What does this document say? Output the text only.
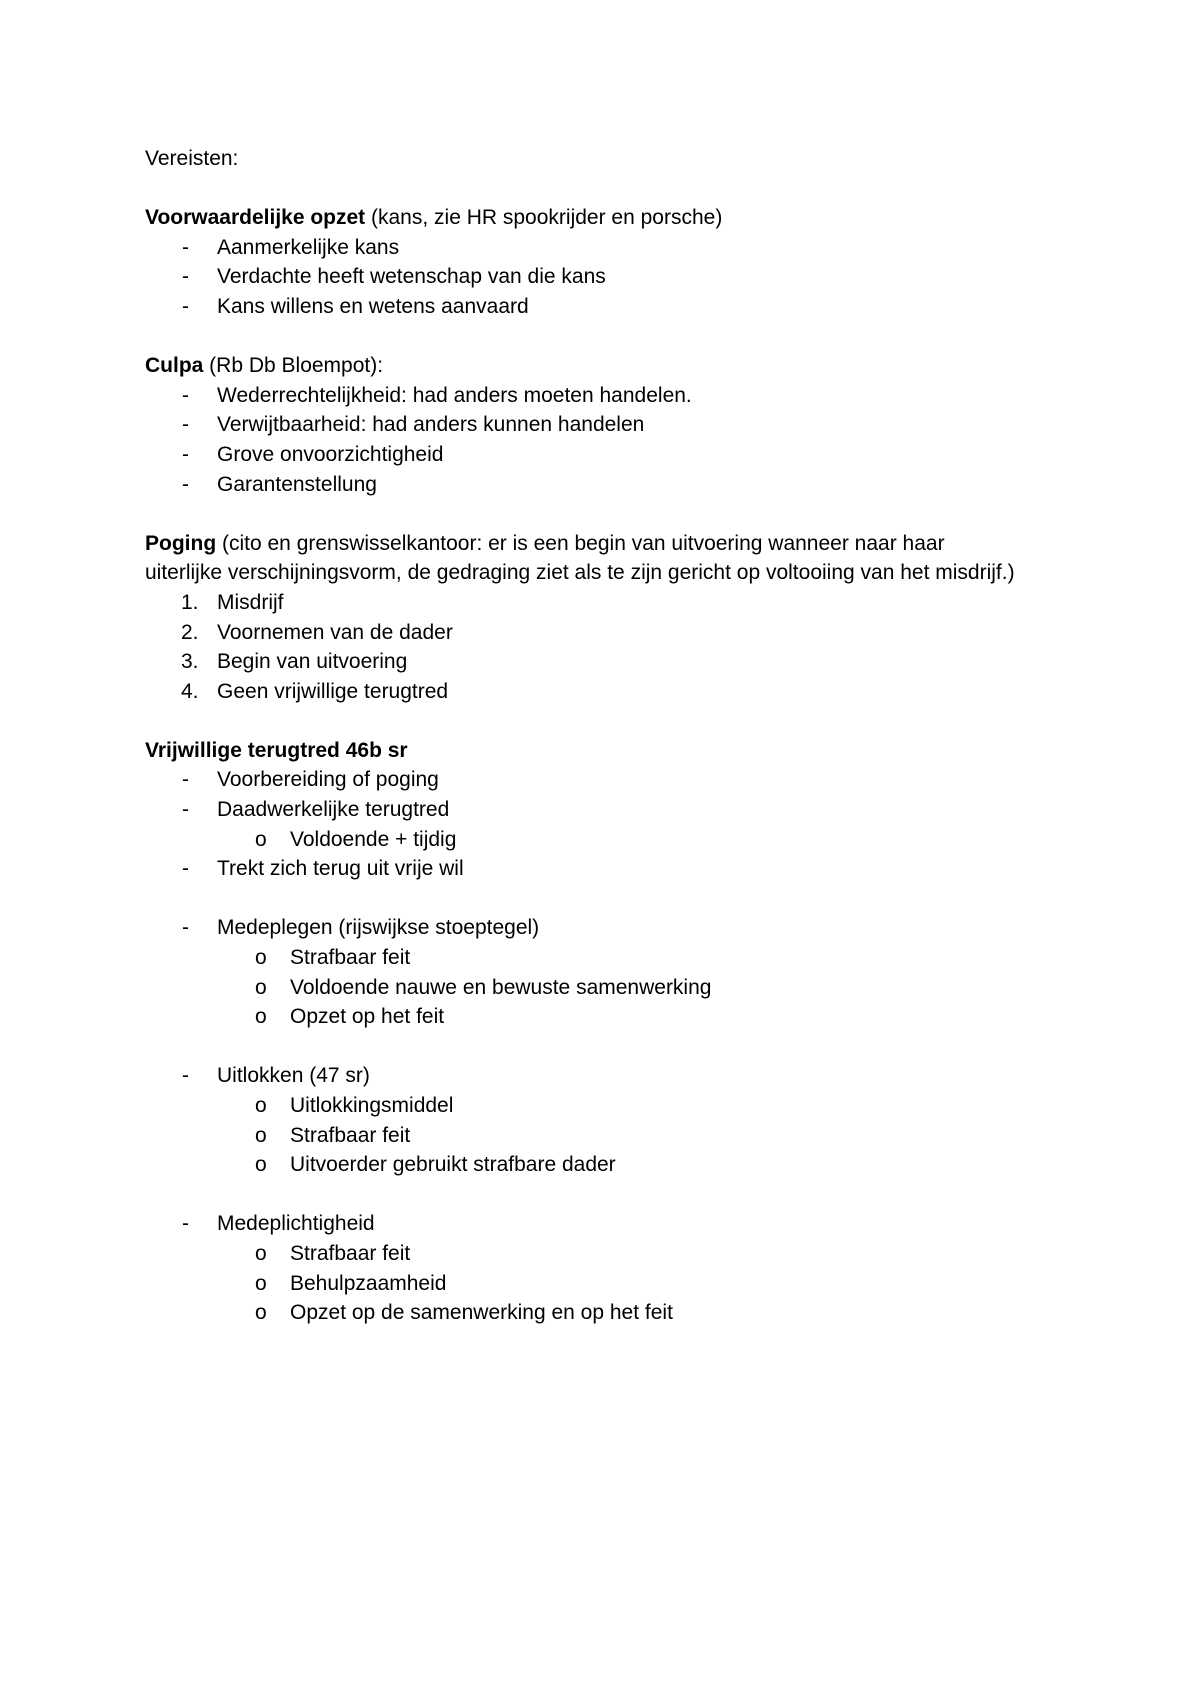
Vereisten:
Voorwaardelijke opzet (kans, zie HR spookrijder en porsche)
- Aanmerkelijke kans
- Verdachte heeft wetenschap van die kans
- Kans willens en wetens aanvaard
Culpa (Rb Db Bloempot):
- Wederrechtelijkheid: had anders moeten handelen.
- Verwijtbaarheid: had anders kunnen handelen
- Grove onvoorzichtigheid
- Garantenstellung
Poging (cito en grenswisselkantoor: er is een begin van uitvoering wanneer naar haar uiterlijke verschijningsvorm, de gedraging ziet als te zijn gericht op voltooiing van het misdrijf.)
1. Misdrijf
2. Voornemen van de dader
3. Begin van uitvoering
4. Geen vrijwillige terugtred
Vrijwillige terugtred 46b sr
- Voorbereiding of poging
- Daadwerkelijke terugtred
o Voldoende + tijdig
- Trekt zich terug uit vrije wil
- Medeplegen (rijswijkse stoeptegel)
o Strafbaar feit
o Voldoende nauwe en bewuste samenwerking
o Opzet op het feit
- Uitlokken (47 sr)
o Uitlokkingsmiddel
o Strafbaar feit
o Uitvoerder gebruikt strafbare dader
- Medeplichtigheid
o Strafbaar feit
o Behulpzaamheid
o Opzet op de samenwerking en op het feit
